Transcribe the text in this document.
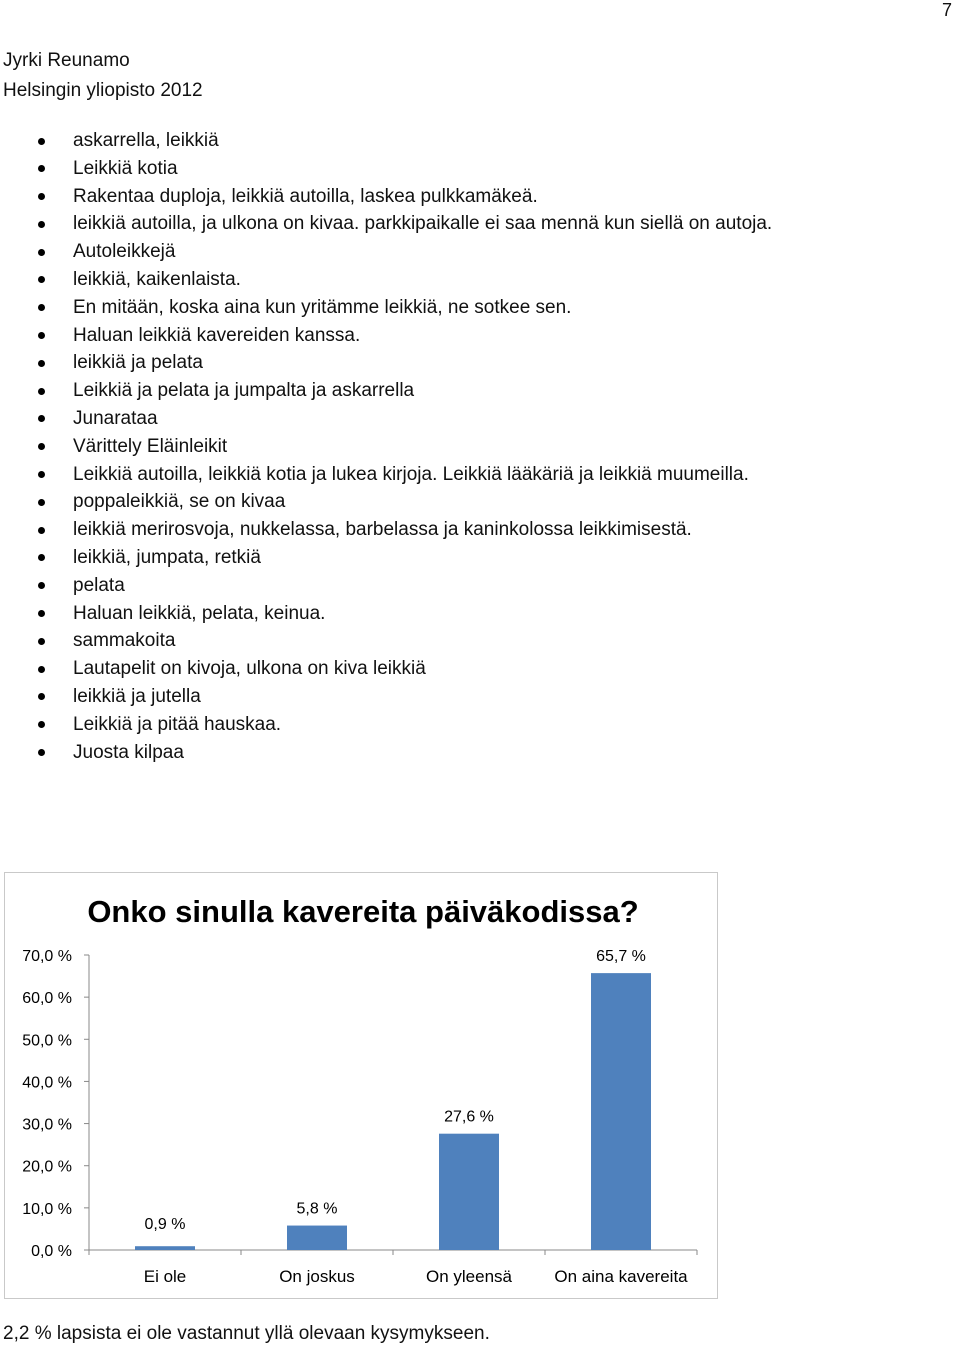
7
Jyrki Reunamo
Helsingin yliopisto 2012
askarrella, leikkiä
Leikkiä kotia
Rakentaa duploja, leikkiä autoilla, laskea pulkkamäkeä.
leikkiä autoilla, ja ulkona on kivaa. parkkipaikalle ei saa mennä kun siellä on autoja.
Autoleikkejä
leikkiä, kaikenlaista.
En mitään, koska aina kun yritämme leikkiä, ne sotkee sen.
Haluan leikkiä kavereiden kanssa.
leikkiä ja pelata
Leikkiä ja pelata ja jumpalta ja askarrella
Junarataa
Värittely Eläinleikit
Leikkiä autoilla, leikkiä kotia ja lukea kirjoja. Leikkiä lääkäriä ja leikkiä muumeilla.
poppaleikkiä, se on kivaa
leikkiä merirosvoja, nukkelassa, barbelassa ja kaninkolossa leikkimisestä.
leikkiä, jumpata, retkiä
pelata
Haluan leikkiä, pelata, keinua.
sammakoita
Lautapelit on kivoja, ulkona on kiva leikkiä
leikkiä ja jutella
Leikkiä ja pitää hauskaa.
Juosta kilpaa
Onko sinulla kavereita päiväkodissa?
0,0 %
10,0 %
20,0 %
30,0 %
40,0 %
50,0 %
60,0 %
70,0 %
0,9 %
Ei ole
5,8 %
On joskus
27,6 %
On yleensä
65,7 %
On aina kavereita
2,2 % lapsista ei ole vastannut yllä olevaan kysymykseen.
